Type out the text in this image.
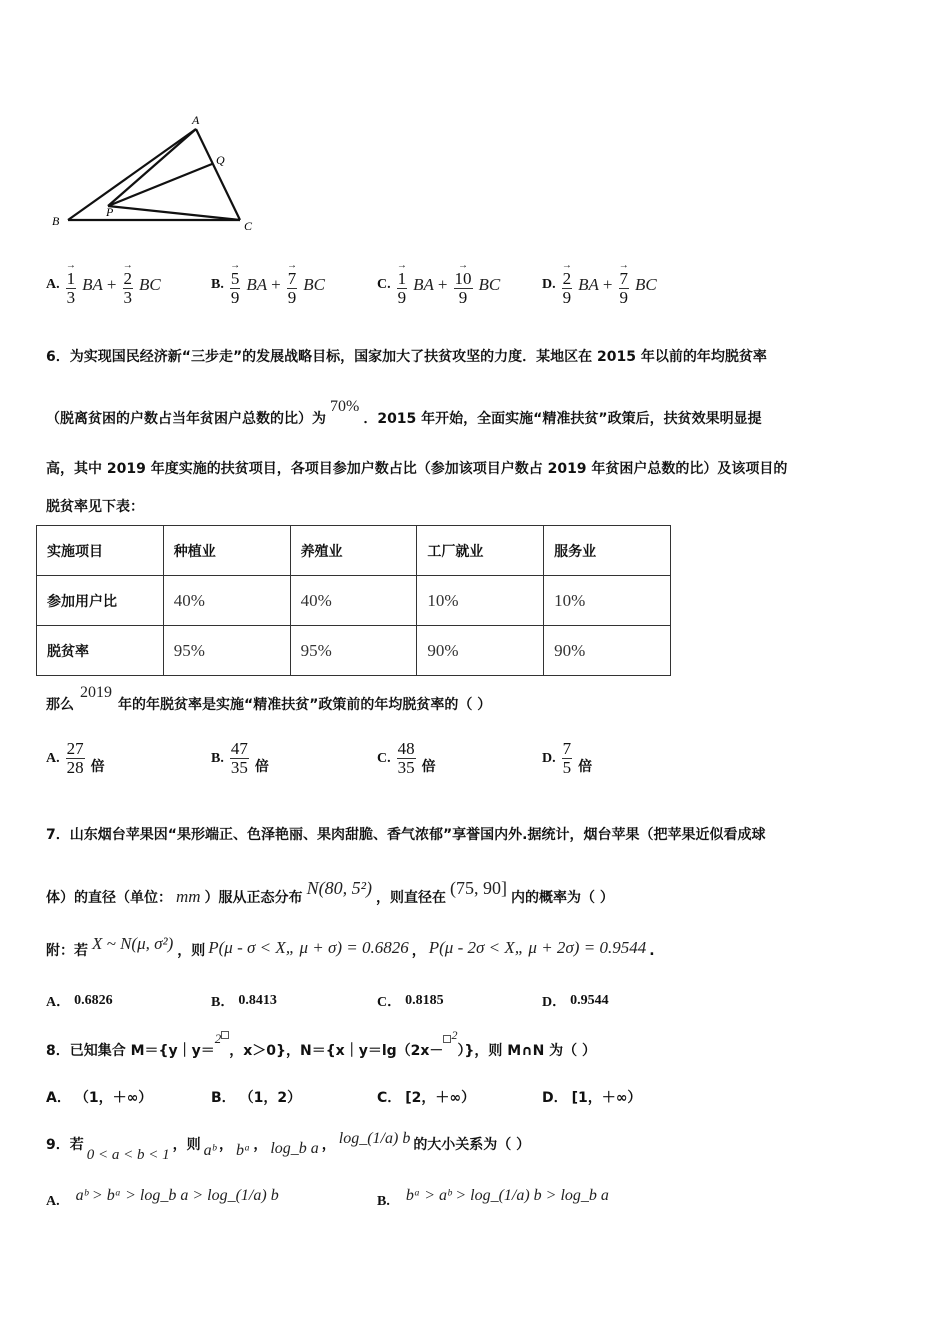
A
Q
B
P
C
A.
→
1
3
BA +
→
2
3
BC	B.
→
5
9
BA +
→
7
9
BC	C.
→
1
9
BA +
→
10
9
BC	D.
→
2
9
BA +
→
7
9
BC
6．为实现国民经济新“三步走”的发展战略目标，国家加大了扶贫攻坚的力度．某地区在 2015 年以前的年均脱贫率
（脱离贫困的户数占当年贫困户总数的比）为70%．2015 年开始，全面实施“精准扶贫”政策后，扶贫效果明显提
高，其中 2019 年度实施的扶贫项目，各项目参加户数占比（参加该项目户数占 2019 年贫困户总数的比）及该项目的
脱贫率见下表：
实施项目	种植业	养殖业	工厂就业	服务业
参加用户比	40%	40%	10%	10%
脱贫率	95%	95%	90%	90%
那么2019年的年脱贫率是实施“精准扶贫”政策前的年均脱贫率的（ ）
A. $\frac{27}{28}$ 倍
B. $\frac{47}{35}$ 倍
C. $\frac{48}{35}$ 倍
D. $\frac{7}{5}$ 倍
7．山东烟台苹果因“果形端正、色泽艳丽、果肉甜脆、香气浓郁”享誉国内外.据统计，烟台苹果（把苹果近似看成球
体）的直径（单位： mm ）服从正态分布 N(80, 5²) ，则直径在 (75, 90] 内的概率为（ ）
附：若 X ~ N(μ, σ²) ，则 P(μ - σ < X„ μ + σ) = 0.6826 ， P(μ - 2σ < X„ μ + 2σ) = 0.9544 .
A． 0.6826	B． 0.8413	C． 0.8185	D． 0.9544
8．已知集合 M＝{y｜y＝2，x＞0}，N＝{x｜y＝lg（2x－2）}，则 M∩N 为（ ）
A． （1，＋∞）	B． （1，2）	C． [2，＋∞）	D． [1，＋∞）
9．若0 < a < b < 1，则 aᵇ ， bᵃ ， log_b a ， log_(1/a) b 的大小关系为（ ）
A.	aᵇ > bᵃ > log_b a > log_(1/a) b	B.	bᵃ > aᵇ > log_(1/a) b > log_b a
